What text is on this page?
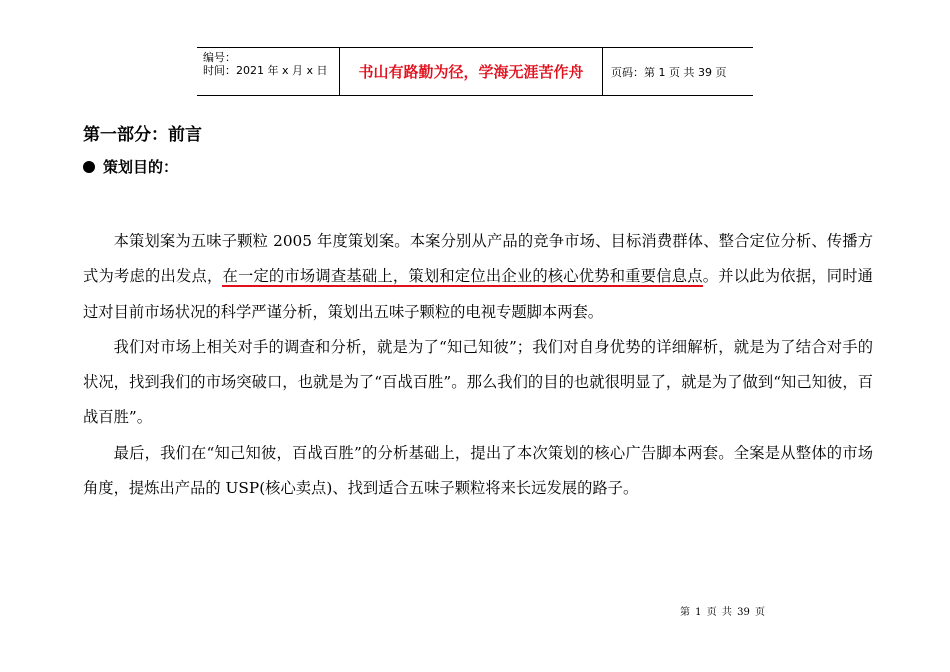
编号：
时间：2021 年 x 月 x 日	书山有路勤为径，学海无涯苦作舟	页码：第 1 页 共 39 页
第一部分：前言
策划目的：

本策划案为五味子颗粒 2005 年度策划案。本案分别从产品的竞争市场、目标消费群体、整合定位分析、传播方式为考虑的出发点，在一定的市场调查基础上，策划和定位出企业的核心优势和重要信息点。并以此为依据，同时通过对目前市场状况的科学严谨分析，策划出五味子颗粒的电视专题脚本两套。

我们对市场上相关对手的调查和分析，就是为了“知己知彼”；我们对自身优势的详细解析，就是为了结合对手的状况，找到我们的市场突破口，也就是为了“百战百胜”。那么我们的目的也就很明显了，就是为了做到“知己知彼，百战百胜”。

最后，我们在“知己知彼，百战百胜”的分析基础上，提出了本次策划的核心广告脚本两套。全案是从整体的市场角度，提炼出产品的 USP(核心卖点)、找到适合五味子颗粒将来长远发展的路子。

第 1 页 共 39 页
